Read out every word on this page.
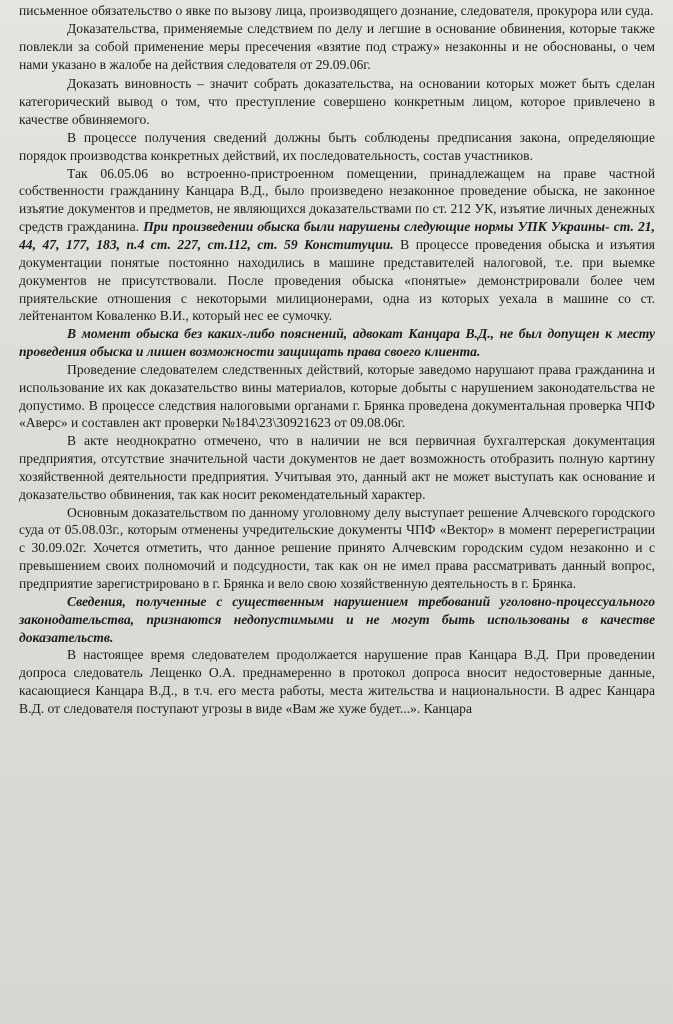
письменное обязательство о явке по вызову лица, производящего дознание, следователя, прокурора или суда.

Доказательства, применяемые следствием по делу и легшие в основание обвинения, которые также повлекли за собой применение меры пресечения «взятие под стражу» незаконны и не обоснованы, о чем нами указано в жалобе на действия следователя от 29.09.06г.

Доказать виновность – значит собрать доказательства, на основании которых может быть сделан категорический вывод о том, что преступление совершено конкретным лицом, которое привлечено в качестве обвиняемого.

В процессе получения сведений должны быть соблюдены предписания закона, определяющие порядок производства конкретных действий, их последовательность, состав участников.

Так 06.05.06 во встроенно-пристроенном помещении, принадлежащем на праве частной собственности гражданину Канцара В.Д., было произведено незаконное проведение обыска, не законное изъятие документов и предметов, не являющихся доказательствами по ст. 212 УК, изъятие личных денежных средств гражданина. При произведении обыска были нарушены следующие нормы УПК Украины- ст. 21, 44, 47, 177, 183, п.4 ст. 227, ст.112, ст. 59 Конституции. В процессе проведения обыска и изъятия документации понятые постоянно находились в машине представителей налоговой, т.е. при выемке документов не присутствовали. После проведения обыска «понятые» демонстрировали более чем приятельские отношения с некоторыми милиционерами, одна из которых уехала в машине со ст. лейтенантом Коваленко В.И., который нес ее сумочку.

В момент обыска без каких-либо пояснений, адвокат Канцара В.Д., не был допущен к месту проведения обыска и лишен возможности защищать права своего клиента.

Проведение следователем следственных действий, которые заведомо нарушают права гражданина и использование их как доказательство вины материалов, которые добыты с нарушением законодательства не допустимо. В процессе следствия налоговыми органами г. Брянка проведена документальная проверка ЧПФ «Аверс» и составлен акт проверки №184\23\30921623 от 09.08.06г.

В акте неоднократно отмечено, что в наличии не вся первичная бухгалтерская документация предприятия, отсутствие значительной части документов не дает возможность отобразить полную картину хозяйственной деятельности предприятия. Учитывая это, данный акт не может выступать как основание и доказательство обвинения, так как носит рекомендательный характер.

Основным доказательством по данному уголовному делу выступает решение Алчевского городского суда от 05.08.03г., которым отменены учредительские документы ЧПФ «Вектор» в момент перерегистрации с 30.09.02г. Хочется отметить, что данное решение принято Алчевским городским судом незаконно и с превышением своих полномочий и подсудности, так как он не имел права рассматривать данный вопрос, предприятие зарегистрировано в г. Брянка и вело свою хозяйственную деятельность в г. Брянка.

Сведения, полученные с существенным нарушением требований уголовно-процессуального законодательства, признаются недопустимыми и не могут быть использованы в качестве доказательств.

В настоящее время следователем продолжается нарушение прав Канцара В.Д. При проведении допроса следователь Лещенко О.А. преднамеренно в протокол допроса вносит недостоверные данные, касающиеся Канцара В.Д., в т.ч. его места работы, места жительства и национальности. В адрес Канцара В.Д. от следователя поступают угрозы в виде «Вам же хуже будет...». Канцара
